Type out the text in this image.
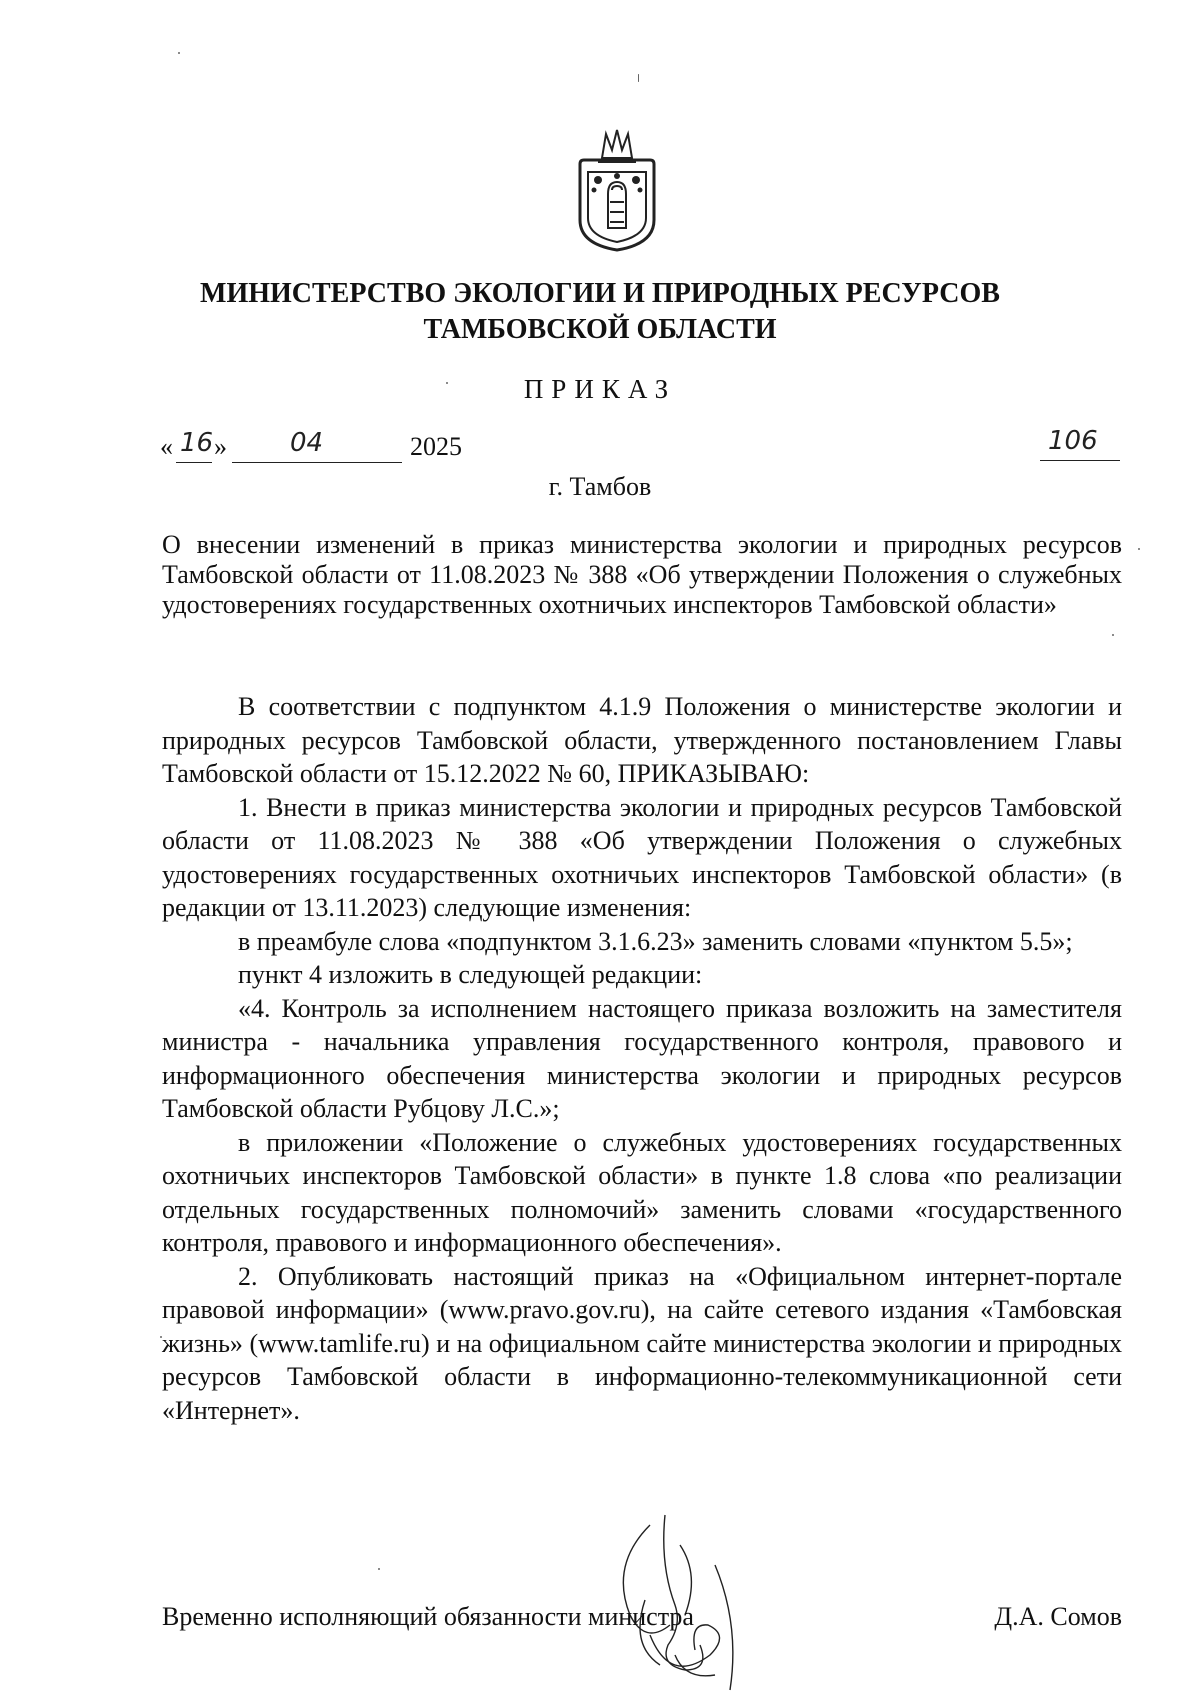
МИНИСТЕРСТВО ЭКОЛОГИИ И ПРИРОДНЫХ РЕСУРСОВ
ТАМБОВСКОЙ ОБЛАСТИ
ПРИКАЗ
« 16 » 04	2025	106
г. Тамбов
О внесении изменений в приказ министерства экологии и природных ресурсов Тамбовской области от 11.08.2023 № 388 «Об утверждении Положения о служебных удостоверениях государственных охотничьих инспекторов Тамбовской области»

В соответствии с подпунктом 4.1.9 Положения о министерстве экологии и природных ресурсов Тамбовской области, утвержденного постановлением Главы Тамбовской области от 15.12.2022 № 60, ПРИКАЗЫВАЮ:

1. Внести в приказ министерства экологии и природных ресурсов Тамбовской области от 11.08.2023 № 388 «Об утверждении Положения о служебных удостоверениях государственных охотничьих инспекторов Тамбовской области» (в редакции от 13.11.2023) следующие изменения:

в преамбуле слова «подпунктом 3.1.6.23» заменить словами «пунктом 5.5»;

пункт 4 изложить в следующей редакции:

«4. Контроль за исполнением настоящего приказа возложить на заместителя министра - начальника управления государственного контроля, правового и информационного обеспечения министерства экологии и природных ресурсов Тамбовской области Рубцову Л.С.»;

в приложении «Положение о служебных удостоверениях государственных охотничьих инспекторов Тамбовской области» в пункте 1.8 слова «по реализации отдельных государственных полномочий» заменить словами «государственного контроля, правового и информационного обеспечения».

2. Опубликовать настоящий приказ на «Официальном интернет-портале правовой информации» (www.pravo.gov.ru), на сайте сетевого издания «Тамбовская жизнь» (www.tamlife.ru) и на официальном сайте министерства экологии и природных ресурсов Тамбовской области в информационно-телекоммуникационной сети «Интернет».

Временно исполняющий обязанности министра	Д.А. Сомов
